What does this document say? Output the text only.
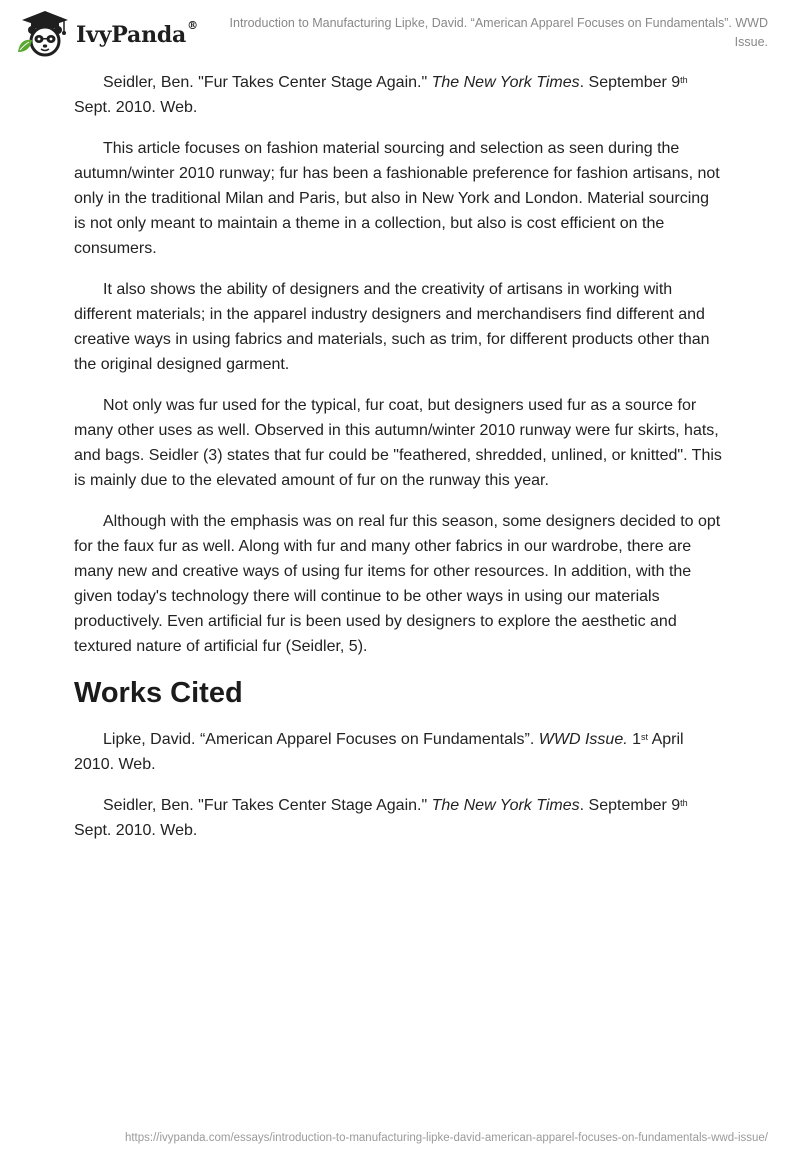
IvyPanda®	Introduction to Manufacturing Lipke, David. “American Apparel Focuses on Fundamentals”. WWD Issue.

Seidler, Ben. "Fur Takes Center Stage Again." The New York Times. September 9th Sept. 2010. Web.

This article focuses on fashion material sourcing and selection as seen during the autumn/winter 2010 runway; fur has been a fashionable preference for fashion artisans, not only in the traditional Milan and Paris, but also in New York and London. Material sourcing is not only meant to maintain a theme in a collection, but also is cost efficient on the consumers.

It also shows the ability of designers and the creativity of artisans in working with different materials; in the apparel industry designers and merchandisers find different and creative ways in using fabrics and materials, such as trim, for different products other than the original designed garment.

Not only was fur used for the typical, fur coat, but designers used fur as a source for many other uses as well. Observed in this autumn/winter 2010 runway were fur skirts, hats, and bags. Seidler (3) states that fur could be "feathered, shredded, unlined, or knitted". This is mainly due to the elevated amount of fur on the runway this year.

Although with the emphasis was on real fur this season, some designers decided to opt for the faux fur as well. Along with fur and many other fabrics in our wardrobe, there are many new and creative ways of using fur items for other resources. In addition, with the given today's technology there will continue to be other ways in using our materials productively. Even artificial fur is been used by designers to explore the aesthetic and textured nature of artificial fur (Seidler, 5).

Works Cited

Lipke, David. “American Apparel Focuses on Fundamentals”. WWD Issue. 1st April 2010. Web.

Seidler, Ben. "Fur Takes Center Stage Again." The New York Times. September 9th Sept. 2010. Web.

https://ivypanda.com/essays/introduction-to-manufacturing-lipke-david-american-apparel-focuses-on-fundamentals-wwd-issue/
